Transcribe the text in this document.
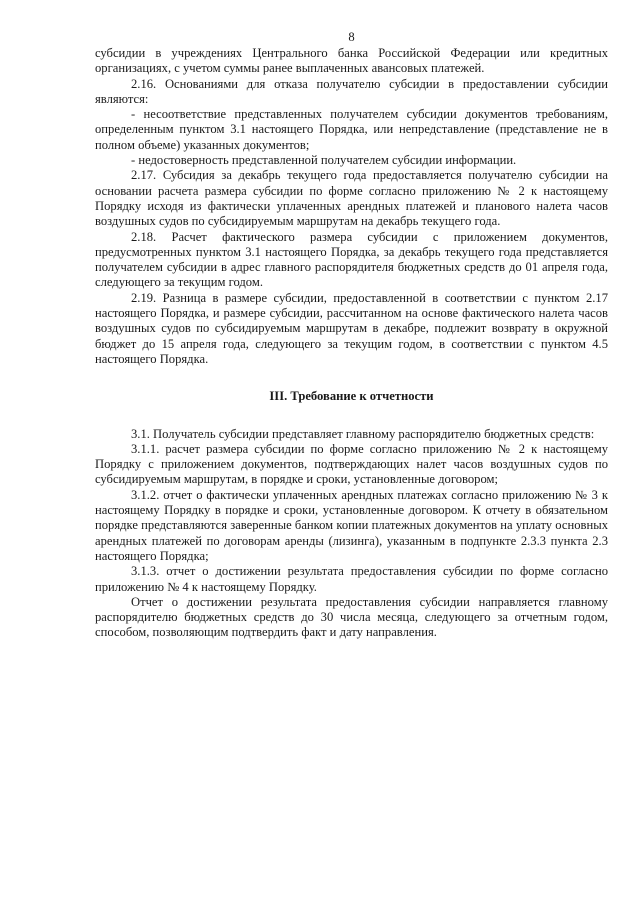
8

субсидии в учреждениях Центрального банка Российской Федерации или кредитных организациях, с учетом суммы ранее выплаченных авансовых платежей.

2.16. Основаниями для отказа получателю субсидии в предоставлении субсидии являются:

- несоответствие представленных получателем субсидии документов требованиям, определенным пунктом 3.1 настоящего Порядка, или непредставление (представление не в полном объеме) указанных документов;

- недостоверность представленной получателем субсидии информации.

2.17. Субсидия за декабрь текущего года предоставляется получателю субсидии на основании расчета размера субсидии по форме согласно приложению № 2 к настоящему Порядку исходя из фактически уплаченных арендных платежей и планового налета часов воздушных судов по субсидируемым маршрутам на декабрь текущего года.

2.18. Расчет фактического размера субсидии с приложением документов, предусмотренных пунктом 3.1 настоящего Порядка, за декабрь текущего года представляется получателем субсидии в адрес главного распорядителя бюджетных средств до 01 апреля года, следующего за текущим годом.

2.19. Разница в размере субсидии, предоставленной в соответствии с пунктом 2.17 настоящего Порядка, и размере субсидии, рассчитанном на основе фактического налета часов воздушных судов по субсидируемым маршрутам в декабре, подлежит возврату в окружной бюджет до 15 апреля года, следующего за текущим годом, в соответствии с пунктом 4.5 настоящего Порядка.

III. Требование к отчетности

3.1. Получатель субсидии представляет главному распорядителю бюджетных средств:

3.1.1. расчет размера субсидии по форме согласно приложению № 2 к настоящему Порядку с приложением документов, подтверждающих налет часов воздушных судов по субсидируемым маршрутам, в порядке и сроки, установленные договором;

3.1.2. отчет о фактически уплаченных арендных платежах согласно приложению № 3 к настоящему Порядку в порядке и сроки, установленные договором. К отчету в обязательном порядке представляются заверенные банком копии платежных документов на уплату основных арендных платежей по договорам аренды (лизинга), указанным в подпункте 2.3.3 пункта 2.3 настоящего Порядка;

3.1.3. отчет о достижении результата предоставления субсидии по форме согласно приложению № 4 к настоящему Порядку.

Отчет о достижении результата предоставления субсидии направляется главному распорядителю бюджетных средств до 30 числа месяца, следующего за отчетным годом, способом, позволяющим подтвердить факт и дату направления.
